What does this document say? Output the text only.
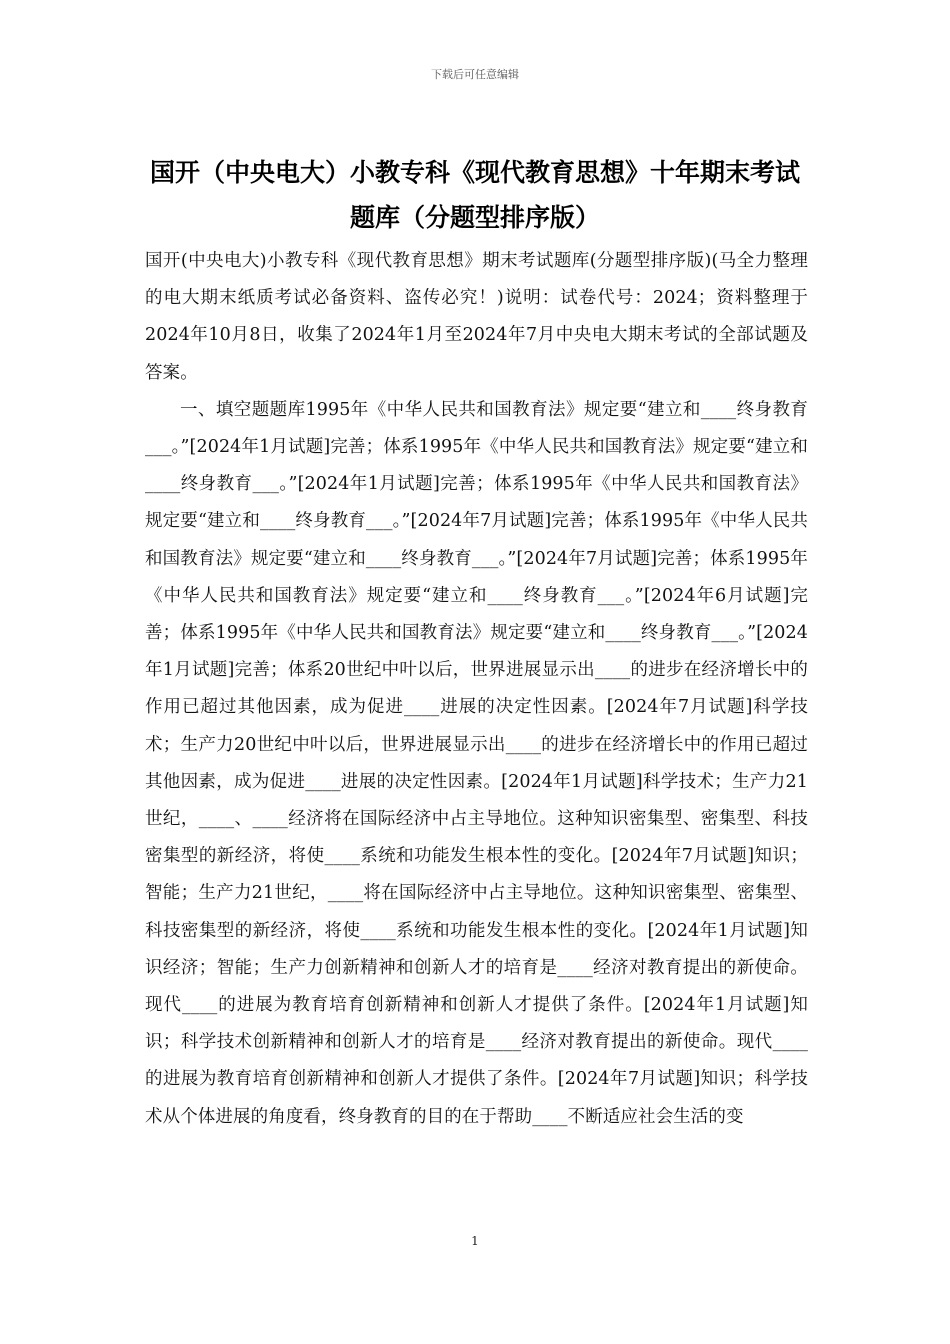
下载后可任意编辑
国开（中央电大）小教专科《现代教育思想》十年期末考试题库（分题型排序版）

国开(中央电大)小教专科《现代教育思想》期末考试题库(分题型排序版)(马全力整理的电大期末纸质考试必备资料、盗传必究！)说明：试卷代号：2024；资料整理于2024年10月8日，收集了2024年1月至2024年7月中央电大期末考试的全部试题及答案。

一、填空题题库1995年《中华人民共和国教育法》规定要“建立和____终身教育___。”[2024年1月试题]完善；体系1995年《中华人民共和国教育法》规定要“建立和____终身教育___。”[2024年1月试题]完善；体系1995年《中华人民共和国教育法》规定要“建立和____终身教育___。”[2024年7月试题]完善；体系1995年《中华人民共和国教育法》规定要“建立和____终身教育___。”[2024年7月试题]完善；体系1995年《中华人民共和国教育法》规定要“建立和____终身教育___。”[2024年6月试题]完善；体系1995年《中华人民共和国教育法》规定要“建立和____终身教育___。”[2024年1月试题]完善；体系20世纪中叶以后，世界进展显示出____的进步在经济增长中的作用已超过其他因素，成为促进____进展的决定性因素。[2024年7月试题]科学技术；生产力20世纪中叶以后，世界进展显示出____的进步在经济增长中的作用已超过其他因素，成为促进____进展的决定性因素。[2024年1月试题]科学技术；生产力21世纪，____、____经济将在国际经济中占主导地位。这种知识密集型、密集型、科技密集型的新经济，将使____系统和功能发生根本性的变化。[2024年7月试题]知识；智能；生产力21世纪，____将在国际经济中占主导地位。这种知识密集型、密集型、科技密集型的新经济，将使____系统和功能发生根本性的变化。[2024年1月试题]知识经济；智能；生产力创新精神和创新人才的培育是____经济对教育提出的新使命。现代____的进展为教育培育创新精神和创新人才提供了条件。[2024年1月试题]知识；科学技术创新精神和创新人才的培育是____经济对教育提出的新使命。现代____的进展为教育培育创新精神和创新人才提供了条件。[2024年7月试题]知识；科学技术从个体进展的角度看，终身教育的目的在于帮助____不断适应社会生活的变

1
